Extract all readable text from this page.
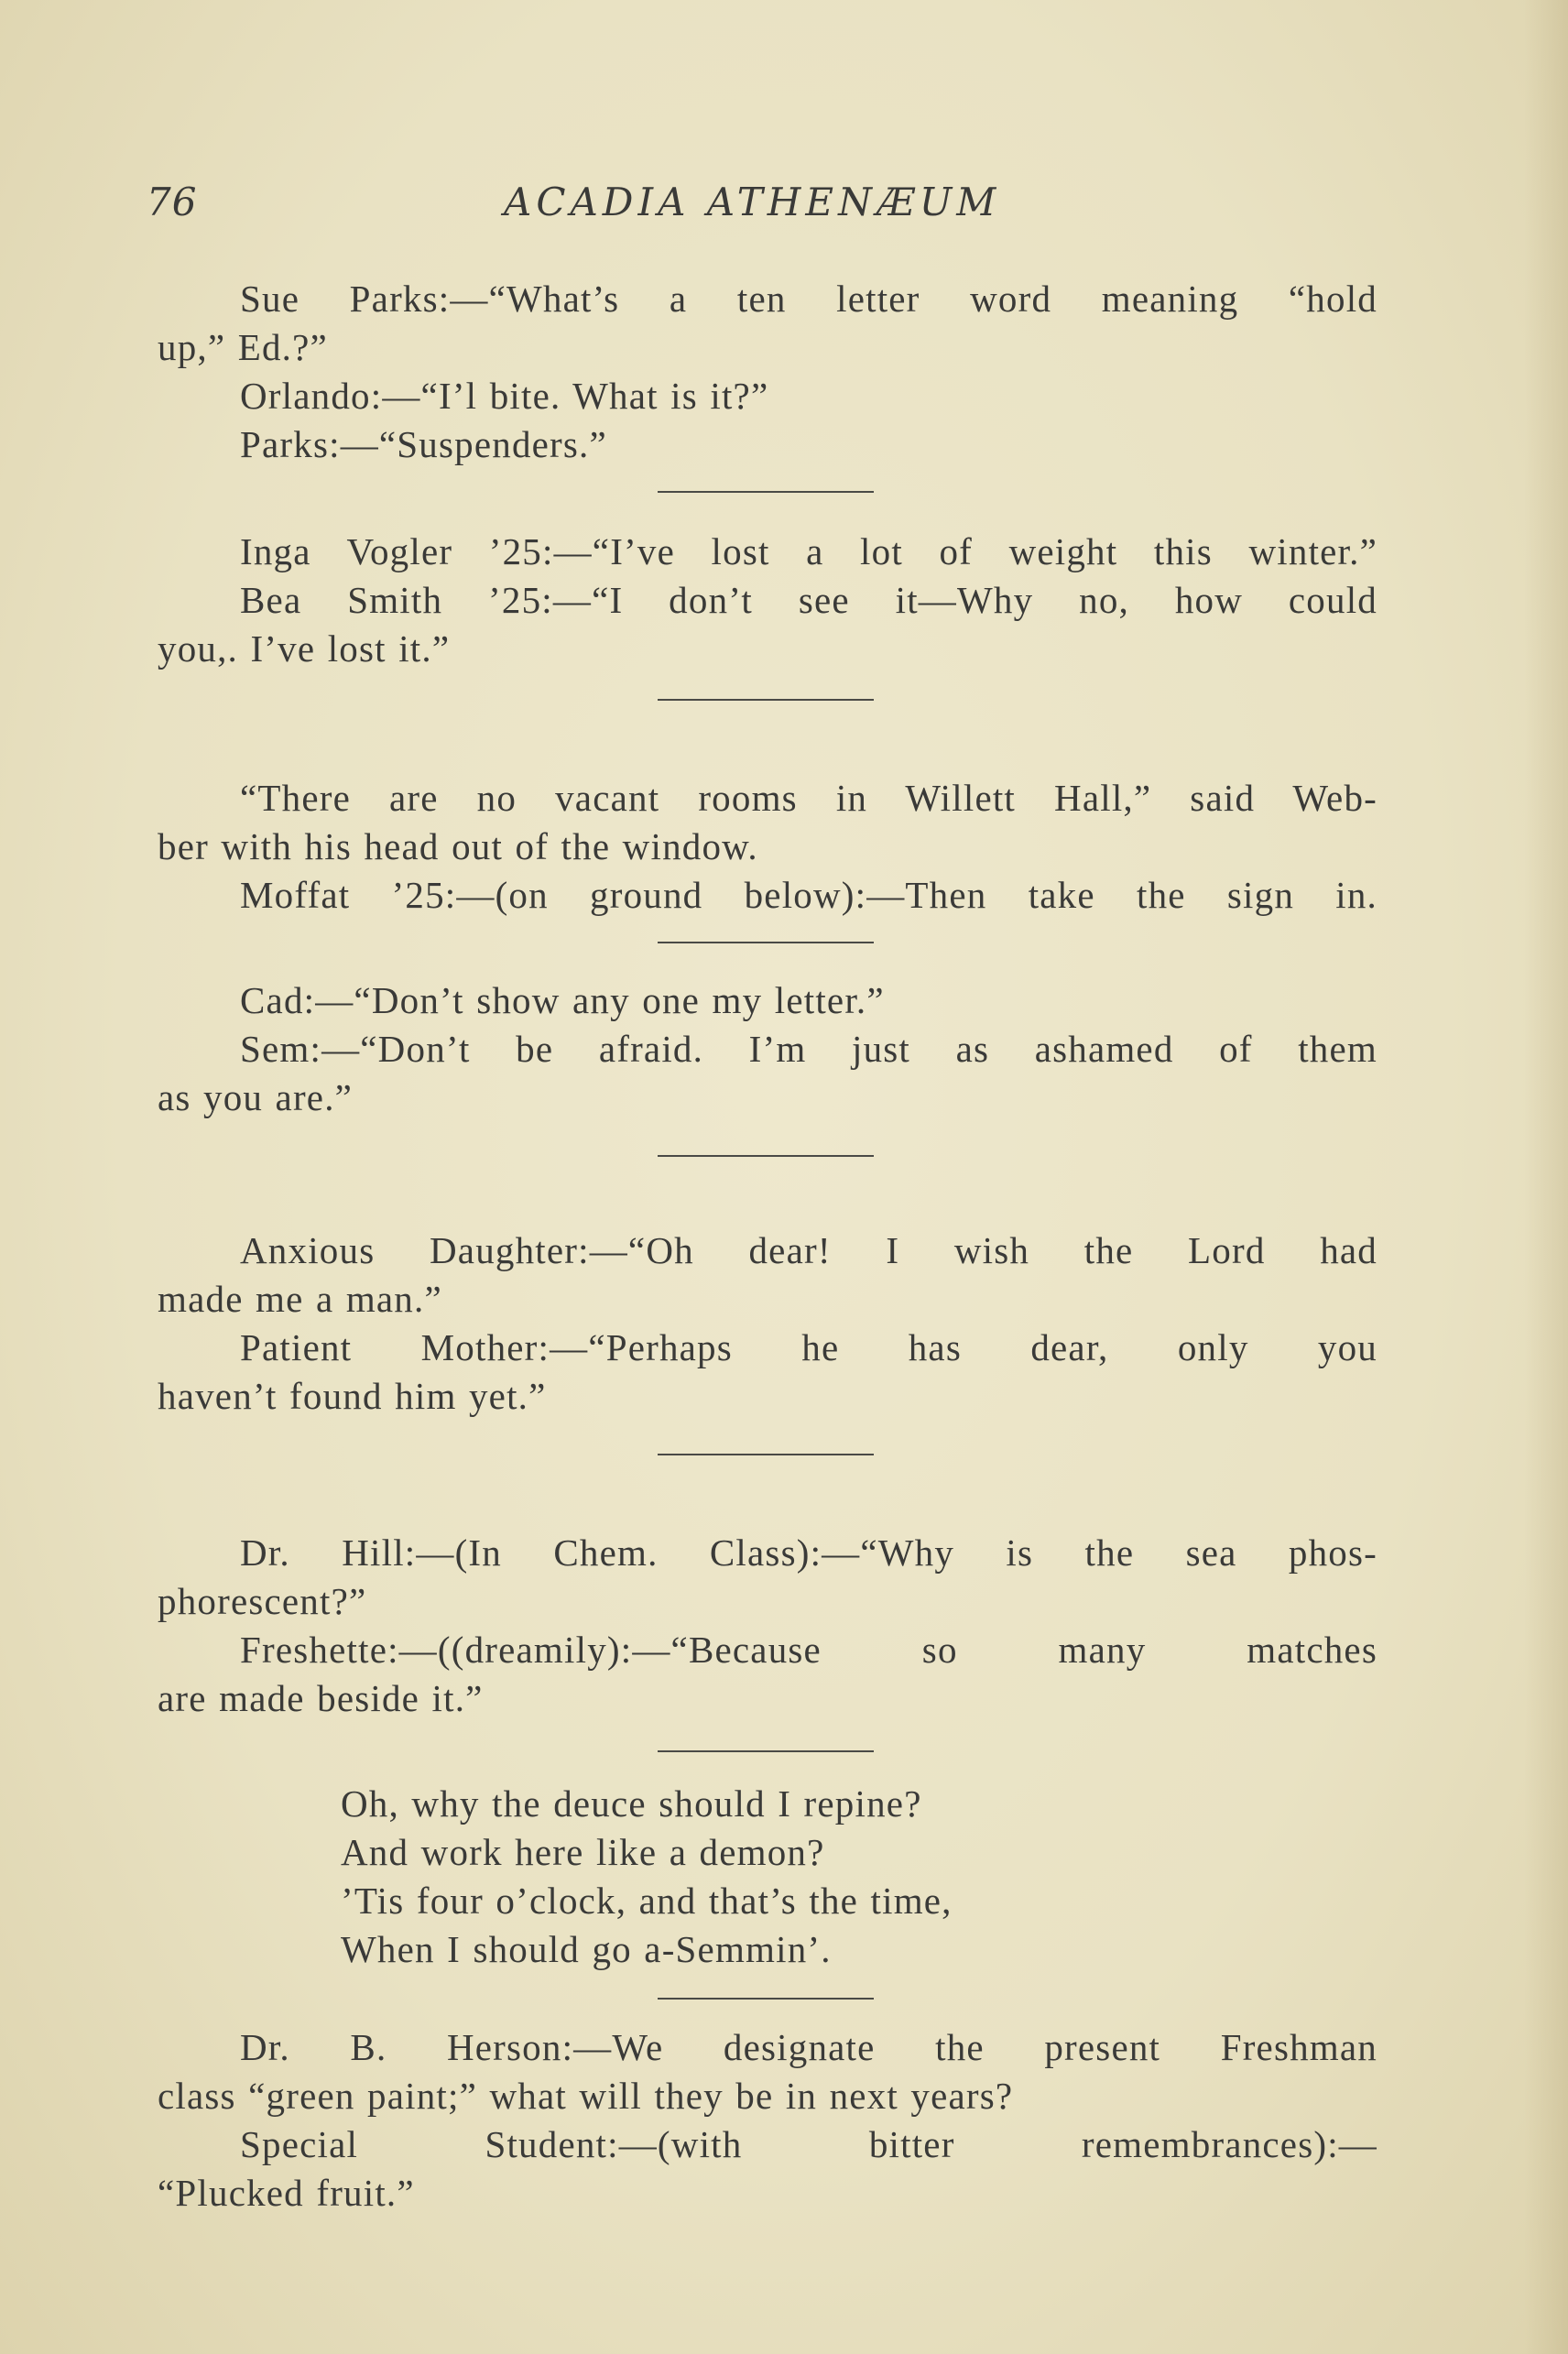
76	ACADIA ATHENÆUM
Sue Parks:—“What’s a ten letter word meaning “hold
up,” Ed.?”
Orlando:—“I’l bite. What is it?”
Parks:—“Suspenders.”
Inga Vogler ’25:—“I’ve lost a lot of weight this winter.”
Bea Smith ’25:—“I don’t see it—Why no, how could
you,. I’ve lost it.”
“There are no vacant rooms in Willett Hall,” said Web-
ber with his head out of the window.
Moffat ’25:—(on ground below):—Then take the sign in.
Cad:—“Don’t show any one my letter.”
Sem:—“Don’t be afraid. I’m just as ashamed of them
as you are.”
Anxious Daughter:—“Oh dear! I wish the Lord had
made me a man.”
Patient Mother:—“Perhaps he has dear, only you
haven’t found him yet.”
Dr. Hill:—(In Chem. Class):—“Why is the sea phos-
phorescent?”
Freshette:—((dreamily):—“Because so many matches
are made beside it.”
Oh, why the deuce should I repine?
And work here like a demon?
’Tis four o’clock, and that’s the time,
When I should go a-Semmin’.
Dr. B. Herson:—We designate the present Freshman
class “green paint;” what will they be in next years?
Special Student:—(with bitter remembrances):—
“Plucked fruit.”
